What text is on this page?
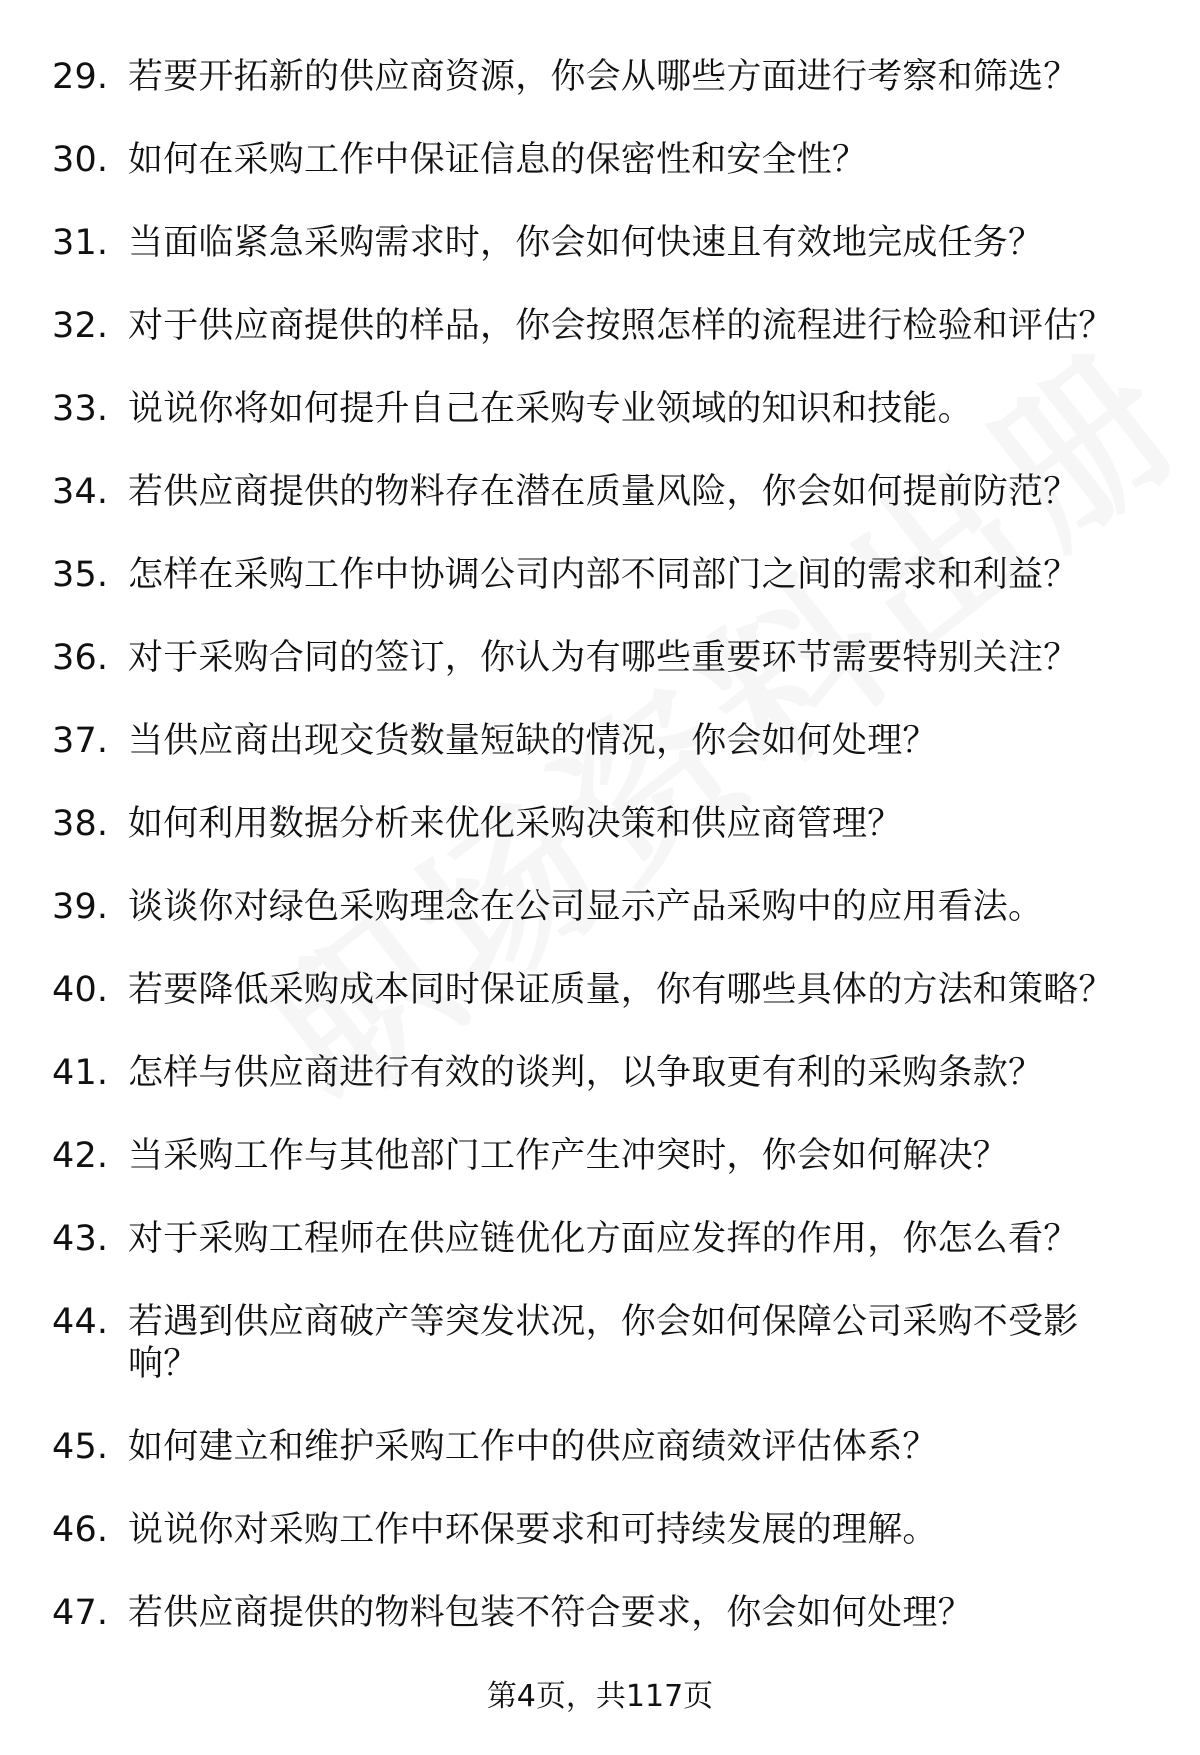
29. 若要开拓新的供应商资源，你会从哪些方面进行考察和筛选？
30. 如何在采购工作中保证信息的保密性和安全性？
31. 当面临紧急采购需求时，你会如何快速且有效地完成任务？
32. 对于供应商提供的样品，你会按照怎样的流程进行检验和评估？
33. 说说你将如何提升自己在采购专业领域的知识和技能。
34. 若供应商提供的物料存在潜在质量风险，你会如何提前防范？
35. 怎样在采购工作中协调公司内部不同部门之间的需求和利益？
36. 对于采购合同的签订，你认为有哪些重要环节需要特别关注？
37. 当供应商出现交货数量短缺的情况，你会如何处理？
38. 如何利用数据分析来优化采购决策和供应商管理？
39. 谈谈你对绿色采购理念在公司显示产品采购中的应用看法。
40. 若要降低采购成本同时保证质量，你有哪些具体的方法和策略？
41. 怎样与供应商进行有效的谈判，以争取更有利的采购条款？
42. 当采购工作与其他部门工作产生冲突时，你会如何解决？
43. 对于采购工程师在供应链优化方面应发挥的作用，你怎么看？
44. 若遇到供应商破产等突发状况，你会如何保障公司采购不受影响？
45. 如何建立和维护采购工作中的供应商绩效评估体系？
46. 说说你对采购工作中环保要求和可持续发展的理解。
47. 若供应商提供的物料包装不符合要求，你会如何处理？
第4页，共117页
